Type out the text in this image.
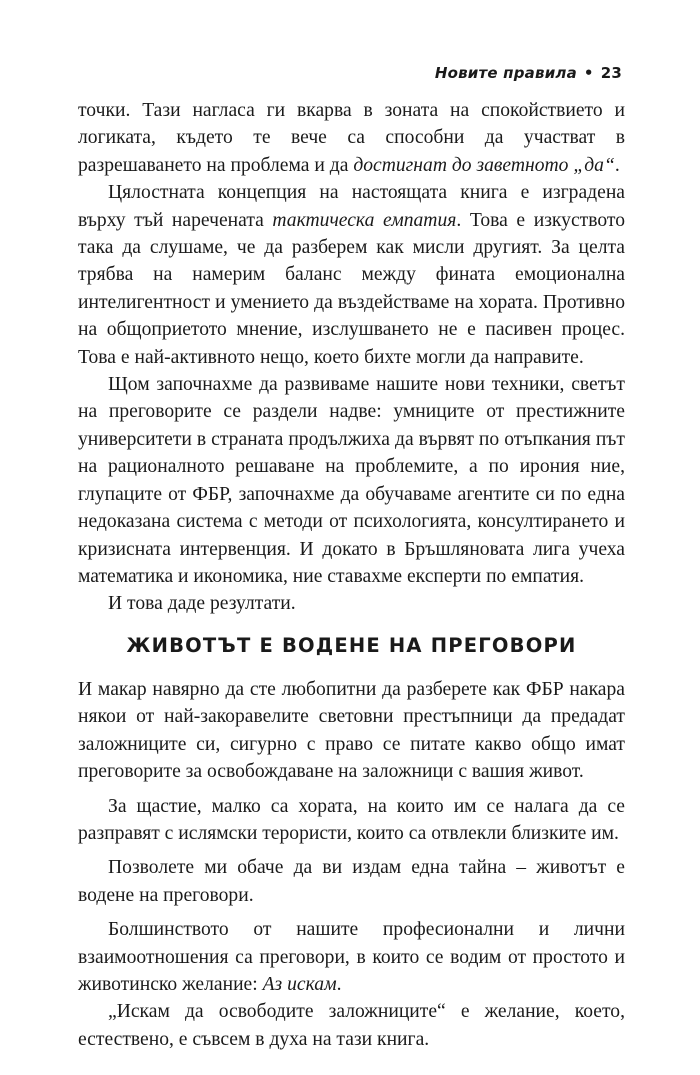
Новите правила • 23

точки. Тази нагласа ги вкарва в зоната на спокойствието и логиката, където те вече са способни да участват в разрешаването на проблема и да достигнат до заветното „да“.

Цялостната концепция на настоящата книга е изградена върху тъй наречената тактическа емпатия. Това е изкуството така да слушаме, че да разберем как мисли другият. За целта трябва на намерим баланс между фината емоционална интелигентност и умението да въздействаме на хората. Противно на общоприетото мнение, изслушването не е пасивен процес. Това е най-активното нещо, което бихте могли да направите.

Щом започнахме да развиваме нашите нови техники, светът на преговорите се раздели надве: умниците от престижните университети в страната продължиха да вървят по отъпкания път на рационалното решаване на проблемите, а по ирония ние, глупаците от ФБР, започнахме да обучаваме агентите си по една недоказана система с методи от психологията, консултирането и кризисната интервенция. И докато в Бръшляновата лига учеха математика и икономика, ние ставахме експерти по емпатия.

И това даде резултати.

ЖИВОТЪТ Е ВОДЕНЕ НА ПРЕГОВОРИ

И макар навярно да сте любопитни да разберете как ФБР накара някои от най-закоравелите световни престъпници да предадат заложниците си, сигурно с право се питате какво общо имат преговорите за освобождаване на заложници с вашия живот.

За щастие, малко са хората, на които им се налага да се разправят с ислямски терористи, които са отвлекли близките им.

Позволете ми обаче да ви издам една тайна – животът е водене на преговори.

Болшинството от нашите професионални и лични взаимоотношения са преговори, в които се водим от простото и животинско желание: Аз искам.

„Искам да освободите заложниците“ е желание, което, естествено, е съвсем в духа на тази книга.
